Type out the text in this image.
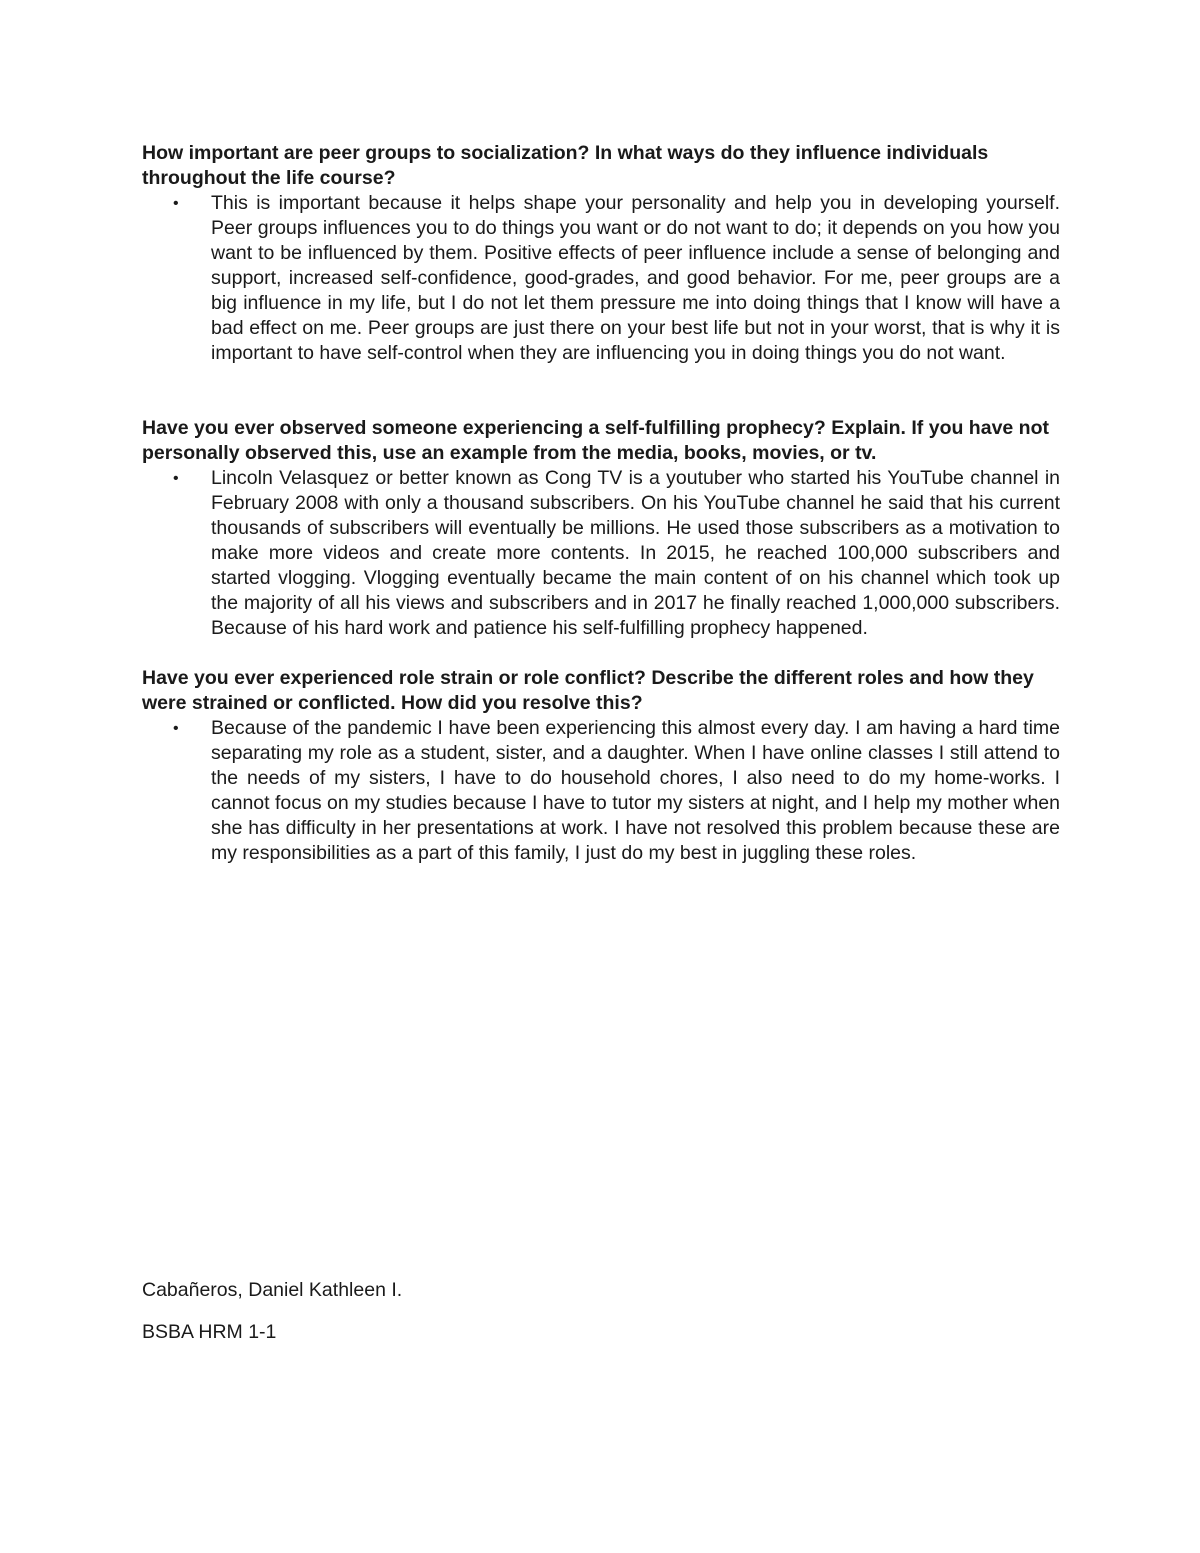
How important are peer groups to socialization? In what ways do they influence individuals throughout the life course?

• This is important because it helps shape your personality and help you in developing yourself. Peer groups influences you to do things you want or do not want to do; it depends on you how you want to be influenced by them. Positive effects of peer influence include a sense of belonging and support, increased self-confidence, good-grades, and good behavior. For me, peer groups are a big influence in my life, but I do not let them pressure me into doing things that I know will have a bad effect on me. Peer groups are just there on your best life but not in your worst, that is why it is important to have self-control when they are influencing you in doing things you do not want.

Have you ever observed someone experiencing a self-fulfilling prophecy? Explain. If you have not personally observed this, use an example from the media, books, movies, or tv.

• Lincoln Velasquez or better known as Cong TV is a youtuber who started his YouTube channel in February 2008 with only a thousand subscribers. On his YouTube channel he said that his current thousands of subscribers will eventually be millions. He used those subscribers as a motivation to make more videos and create more contents. In 2015, he reached 100,000 subscribers and started vlogging. Vlogging eventually became the main content of on his channel which took up the majority of all his views and subscribers and in 2017 he finally reached 1,000,000 subscribers. Because of his hard work and patience his self-fulfilling prophecy happened.

Have you ever experienced role strain or role conflict? Describe the different roles and how they were strained or conflicted. How did you resolve this?

• Because of the pandemic I have been experiencing this almost every day. I am having a hard time separating my role as a student, sister, and a daughter. When I have online classes I still attend to the needs of my sisters, I have to do household chores, I also need to do my home-works. I cannot focus on my studies because I have to tutor my sisters at night, and I help my mother when she has difficulty in her presentations at work. I have not resolved this problem because these are my responsibilities as a part of this family, I just do my best in juggling these roles.

Cabañeros, Daniel Kathleen I.

BSBA HRM 1-1
